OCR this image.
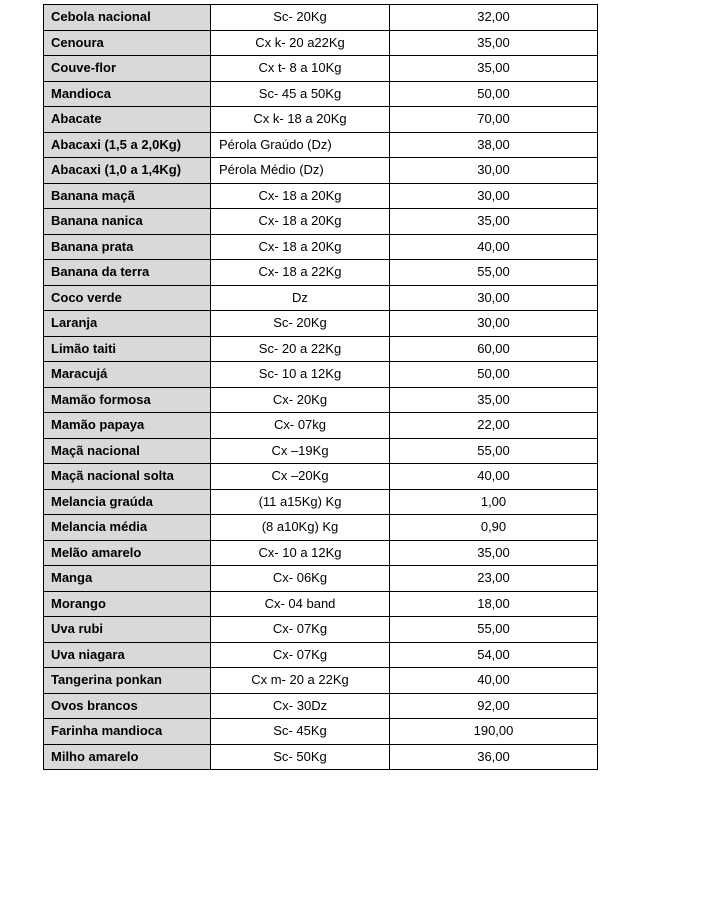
Cebola nacional	Sc- 20Kg	32,00
Cenoura	Cx k- 20 a22Kg	35,00
Couve-flor	Cx t- 8 a 10Kg	35,00
Mandioca	Sc- 45 a 50Kg	50,00
Abacate	Cx k- 18 a 20Kg	70,00
Abacaxi (1,5 a 2,0Kg)	Pérola Graúdo (Dz)	38,00
Abacaxi (1,0 a 1,4Kg)	Pérola Médio (Dz)	30,00
Banana maçã	Cx- 18 a 20Kg	30,00
Banana nanica	Cx- 18 a 20Kg	35,00
Banana prata	Cx- 18 a 20Kg	40,00
Banana da terra	Cx- 18 a 22Kg	55,00
Coco verde	Dz	30,00
Laranja	Sc- 20Kg	30,00
Limão taiti	Sc- 20 a 22Kg	60,00
Maracujá	Sc- 10 a 12Kg	50,00
Mamão formosa	Cx- 20Kg	35,00
Mamão papaya	Cx- 07kg	22,00
Maçã nacional	Cx –19Kg	55,00
Maçã nacional solta	Cx –20Kg	40,00
Melancia graúda	(11 a15Kg) Kg	1,00
Melancia média	(8 a10Kg) Kg	0,90
Melão amarelo	Cx- 10 a 12Kg	35,00
Manga	Cx- 06Kg	23,00
Morango	Cx- 04 band	18,00
Uva rubi	Cx- 07Kg	55,00
Uva niagara	Cx- 07Kg	54,00
Tangerina ponkan	Cx m- 20 a 22Kg	40,00
Ovos brancos	Cx- 30Dz	92,00
Farinha mandioca	Sc- 45Kg	190,00
Milho amarelo	Sc- 50Kg	36,00
